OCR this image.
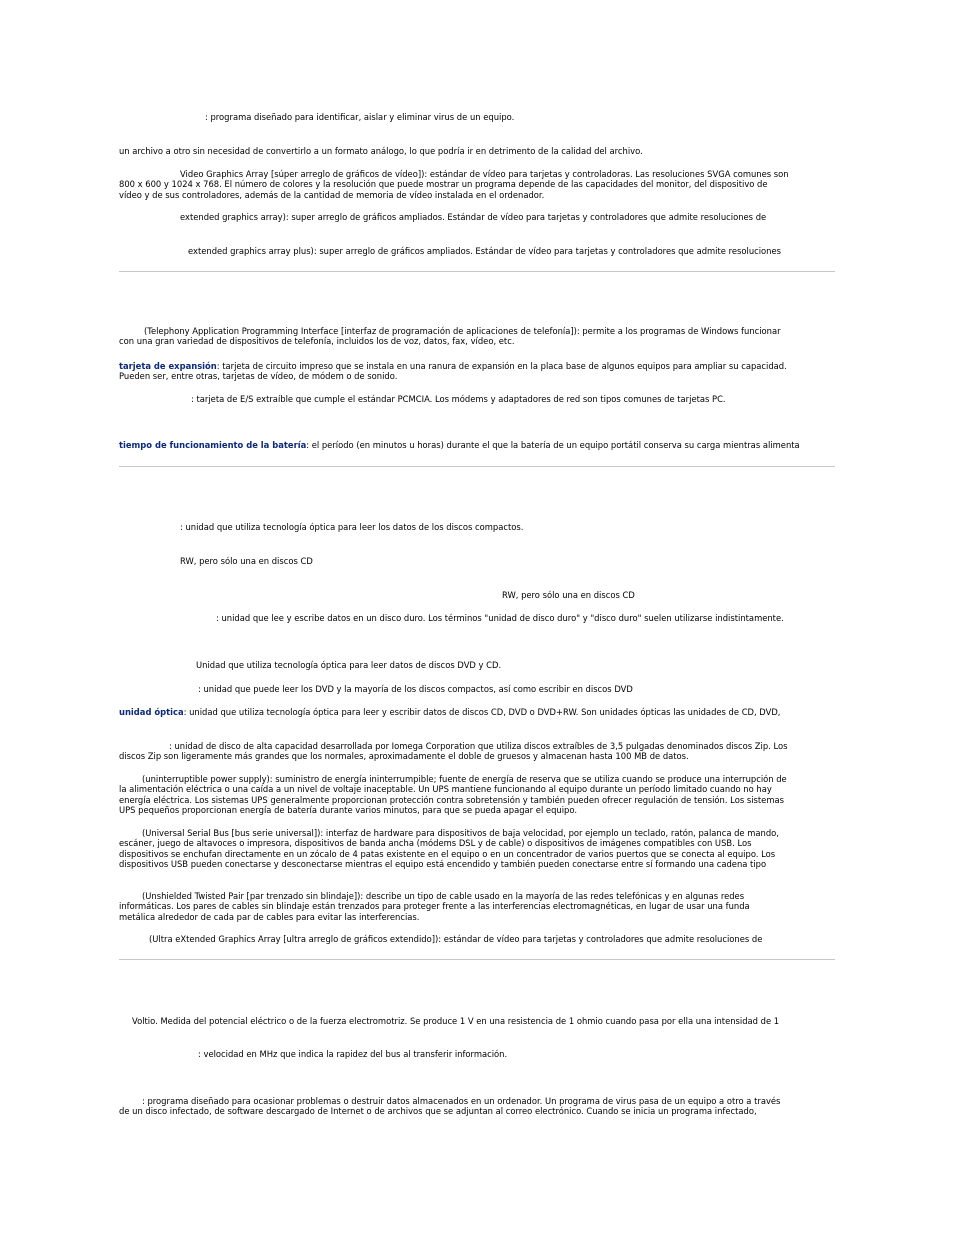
: programa diseñado para identificar, aislar y eliminar virus de un equipo.
un archivo a otro sin necesidad de convertirlo a un formato análogo, lo que podría ir en detrimento de la calidad del archivo.
Video Graphics Array [súper arreglo de gráficos de vídeo]): estándar de vídeo para tarjetas y controladoras. Las resoluciones SVGA comunes son
800 x 600 y 1024 x 768. El número de colores y la resolución que puede mostrar un programa depende de las capacidades del monitor, del dispositivo de
vídeo y de sus controladores, además de la cantidad de memoria de vídeo instalada en el ordenador.
extended graphics array): super arreglo de gráficos ampliados. Estándar de vídeo para tarjetas y controladores que admite resoluciones de
extended graphics array plus): super arreglo de gráficos ampliados. Estándar de vídeo para tarjetas y controladores que admite resoluciones
(Telephony Application Programming Interface [interfaz de programación de aplicaciones de telefonía]): permite a los programas de Windows funcionar
con una gran variedad de dispositivos de telefonía, incluidos los de voz, datos, fax, vídeo, etc.
tarjeta de expansión: tarjeta de circuito impreso que se instala en una ranura de expansión en la placa base de algunos equipos para ampliar su capacidad.
Pueden ser, entre otras, tarjetas de vídeo, de módem o de sonido.
: tarjeta de E/S extraíble que cumple el estándar PCMCIA. Los módems y adaptadores de red son tipos comunes de tarjetas PC.
tiempo de funcionamiento de la batería: el período (en minutos u horas) durante el que la batería de un equipo portátil conserva su carga mientras alimenta
: unidad que utiliza tecnología óptica para leer los datos de los discos compactos.
RW, pero sólo una en discos CD
RW, pero sólo una en discos CD
: unidad que lee y escribe datos en un disco duro. Los términos "unidad de disco duro" y "disco duro" suelen utilizarse indistintamente.
Unidad que utiliza tecnología óptica para leer datos de discos DVD y CD.
: unidad que puede leer los DVD y la mayoría de los discos compactos, así como escribir en discos DVD
unidad óptica: unidad que utiliza tecnología óptica para leer y escribir datos de discos CD, DVD o DVD+RW. Son unidades ópticas las unidades de CD, DVD,
: unidad de disco de alta capacidad desarrollada por Iomega Corporation que utiliza discos extraíbles de 3,5 pulgadas denominados discos Zip. Los
discos Zip son ligeramente más grandes que los normales, aproximadamente el doble de gruesos y almacenan hasta 100 MB de datos.
(uninterruptible power supply): suministro de energía ininterrumpible; fuente de energía de reserva que se utiliza cuando se produce una interrupción de
la alimentación eléctrica o una caída a un nivel de voltaje inaceptable. Un UPS mantiene funcionando al equipo durante un período limitado cuando no hay
energía eléctrica. Los sistemas UPS generalmente proporcionan protección contra sobretensión y también pueden ofrecer regulación de tensión. Los sistemas
UPS pequeños proporcionan energía de batería durante varios minutos, para que se pueda apagar el equipo.
(Universal Serial Bus [bus serie universal]): interfaz de hardware para dispositivos de baja velocidad, por ejemplo un teclado, ratón, palanca de mando,
escáner, juego de altavoces o impresora, dispositivos de banda ancha (módems DSL y de cable) o dispositivos de imágenes compatibles con USB. Los
dispositivos se enchufan directamente en un zócalo de 4 patas existente en el equipo o en un concentrador de varios puertos que se conecta al equipo. Los
dispositivos USB pueden conectarse y desconectarse mientras el equipo está encendido y también pueden conectarse entre sí formando una cadena tipo
(Unshielded Twisted Pair [par trenzado sin blindaje]): describe un tipo de cable usado en la mayoría de las redes telefónicas y en algunas redes
informáticas. Los pares de cables sin blindaje están trenzados para proteger frente a las interferencias electromagnéticas, en lugar de usar una funda
metálica alrededor de cada par de cables para evitar las interferencias.
(Ultra eXtended Graphics Array [ultra arreglo de gráficos extendido]): estándar de vídeo para tarjetas y controladores que admite resoluciones de
Voltio. Medida del potencial eléctrico o de la fuerza electromotriz. Se produce 1 V en una resistencia de 1 ohmio cuando pasa por ella una intensidad de 1
: velocidad en MHz que indica la rapidez del bus al transferir información.
: programa diseñado para ocasionar problemas o destruir datos almacenados en un ordenador. Un programa de virus pasa de un equipo a otro a través
de un disco infectado, de software descargado de Internet o de archivos que se adjuntan al correo electrónico. Cuando se inicia un programa infectado,
